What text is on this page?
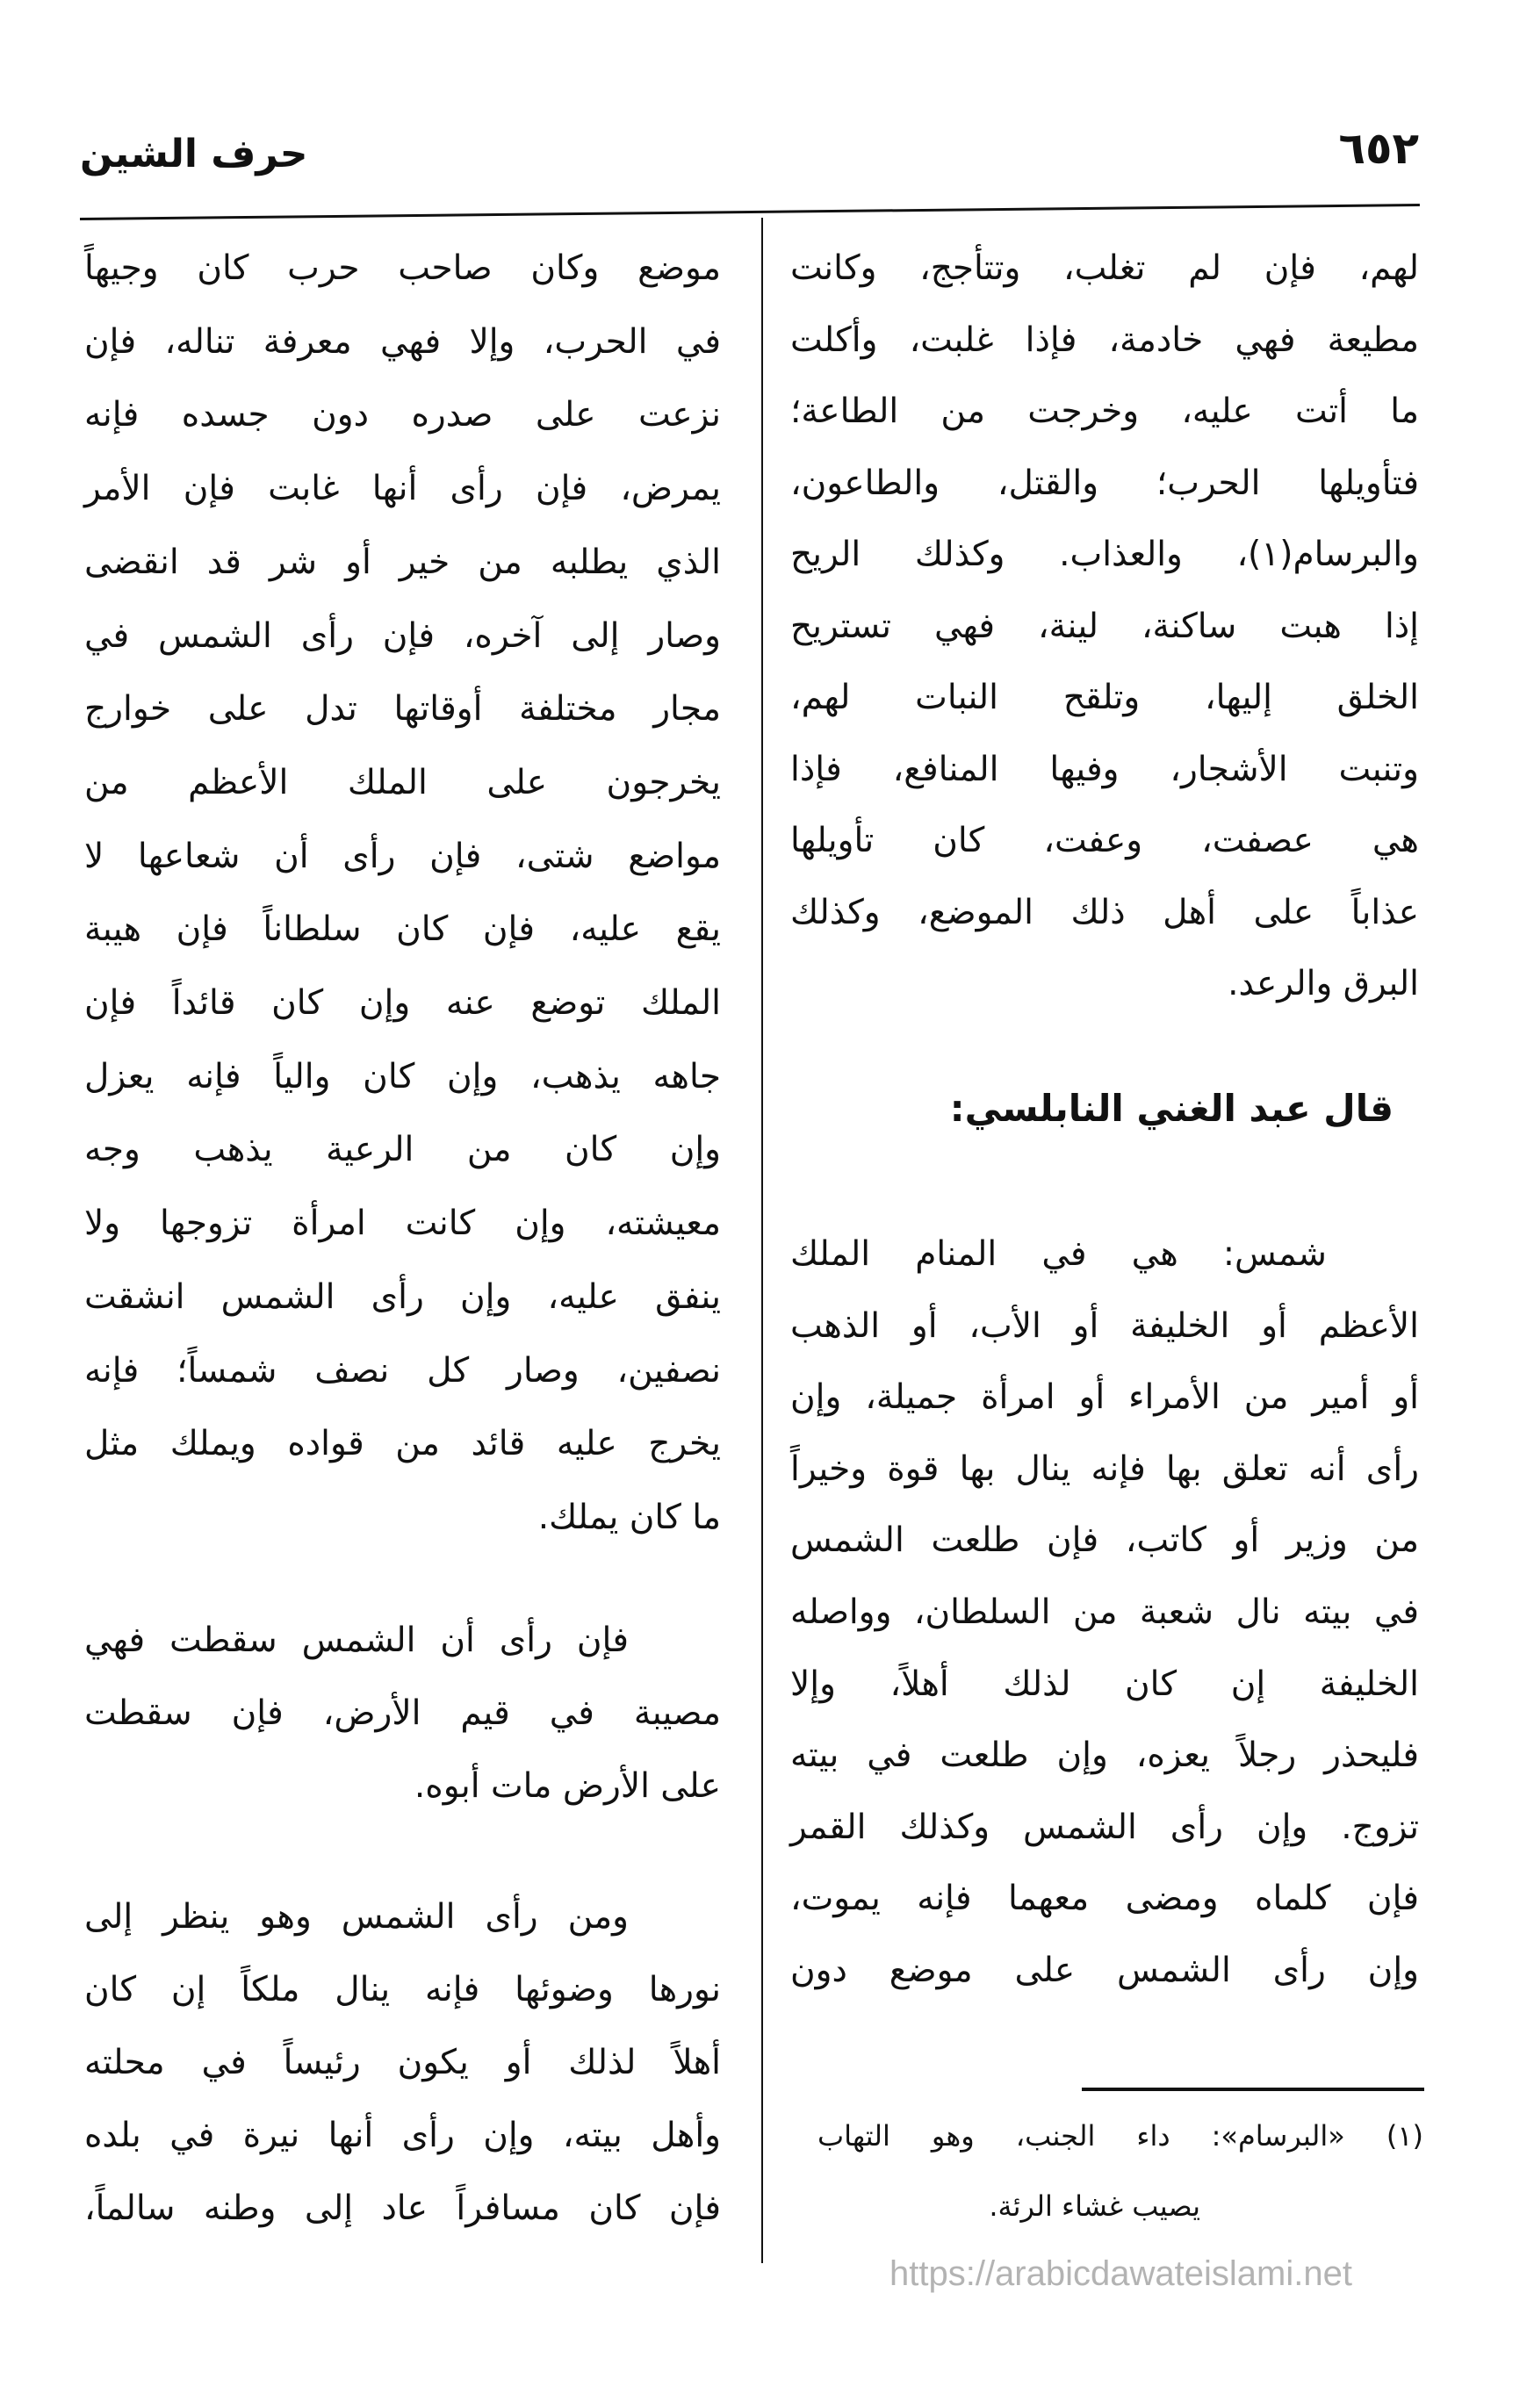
٦٥٢
حرف الشين
لهم، فإن لم تغلب، وتتأجج، وكانت
مطيعة فهي خادمة، فإذا غلبت، وأكلت
ما أتت عليه، وخرجت من الطاعة؛
فتأويلها الحرب؛ والقتل، والطاعون،
والبرسام(١)، والعذاب. وكذلك الريح
إذا هبت ساكنة، لينة، فهي تستريح
الخلق إليها، وتلقح النبات لهم،
وتنبت الأشجار، وفيها المنافع، فإذا
هي عصفت، وعفت، كان تأويلها
عذاباً على أهل ذلك الموضع، وكذلك
البرق والرعد.
شمس: هي في المنام الملك
الأعظم أو الخليفة أو الأب، أو الذهب
أو أمير من الأمراء أو امرأة جميلة، وإن
رأى أنه تعلق بها فإنه ينال بها قوة وخيراً
من وزير أو كاتب، فإن طلعت الشمس
في بيته نال شعبة من السلطان، وواصله
الخليفة إن كان لذلك أهلاً، وإلا
فليحذر رجلاً يعزه، وإن طلعت في بيته
تزوج. وإن رأى الشمس وكذلك القمر
فإن كلماه ومضى معهما فإنه يموت،
وإن رأى الشمس على موضع دون
قال عبد الغني النابلسي:
موضع وكان صاحب حرب كان وجيهاً
في الحرب، وإلا فهي معرفة تناله، فإن
نزعت على صدره دون جسده فإنه
يمرض، فإن رأى أنها غابت فإن الأمر
الذي يطلبه من خير أو شر قد انقضى
وصار إلى آخره، فإن رأى الشمس في
مجار مختلفة أوقاتها تدل على خوارج
يخرجون على الملك الأعظم من
مواضع شتى، فإن رأى أن شعاعها لا
يقع عليه، فإن كان سلطاناً فإن هيبة
الملك توضع عنه وإن كان قائداً فإن
جاهه يذهب، وإن كان والياً فإنه يعزل
وإن كان من الرعية يذهب وجه
معيشته، وإن كانت امرأة تزوجها ولا
ينفق عليه، وإن رأى الشمس انشقت
نصفين، وصار كل نصف شمساً؛ فإنه
يخرج عليه قائد من قواده ويملك مثل
ما كان يملك.
فإن رأى أن الشمس سقطت فهي
مصيبة في قيم الأرض، فإن سقطت
على الأرض مات أبوه.
ومن رأى الشمس وهو ينظر إلى
نورها وضوئها فإنه ينال ملكاً إن كان
أهلاً لذلك أو يكون رئيساً في محلته
وأهل بيته، وإن رأى أنها نيرة في بلده
فإن كان مسافراً عاد إلى وطنه سالماً،
(١) «البرسام»: داء الجنب، وهو التهاب
يصيب غشاء الرئة.
https://arabicdawateislami.net
